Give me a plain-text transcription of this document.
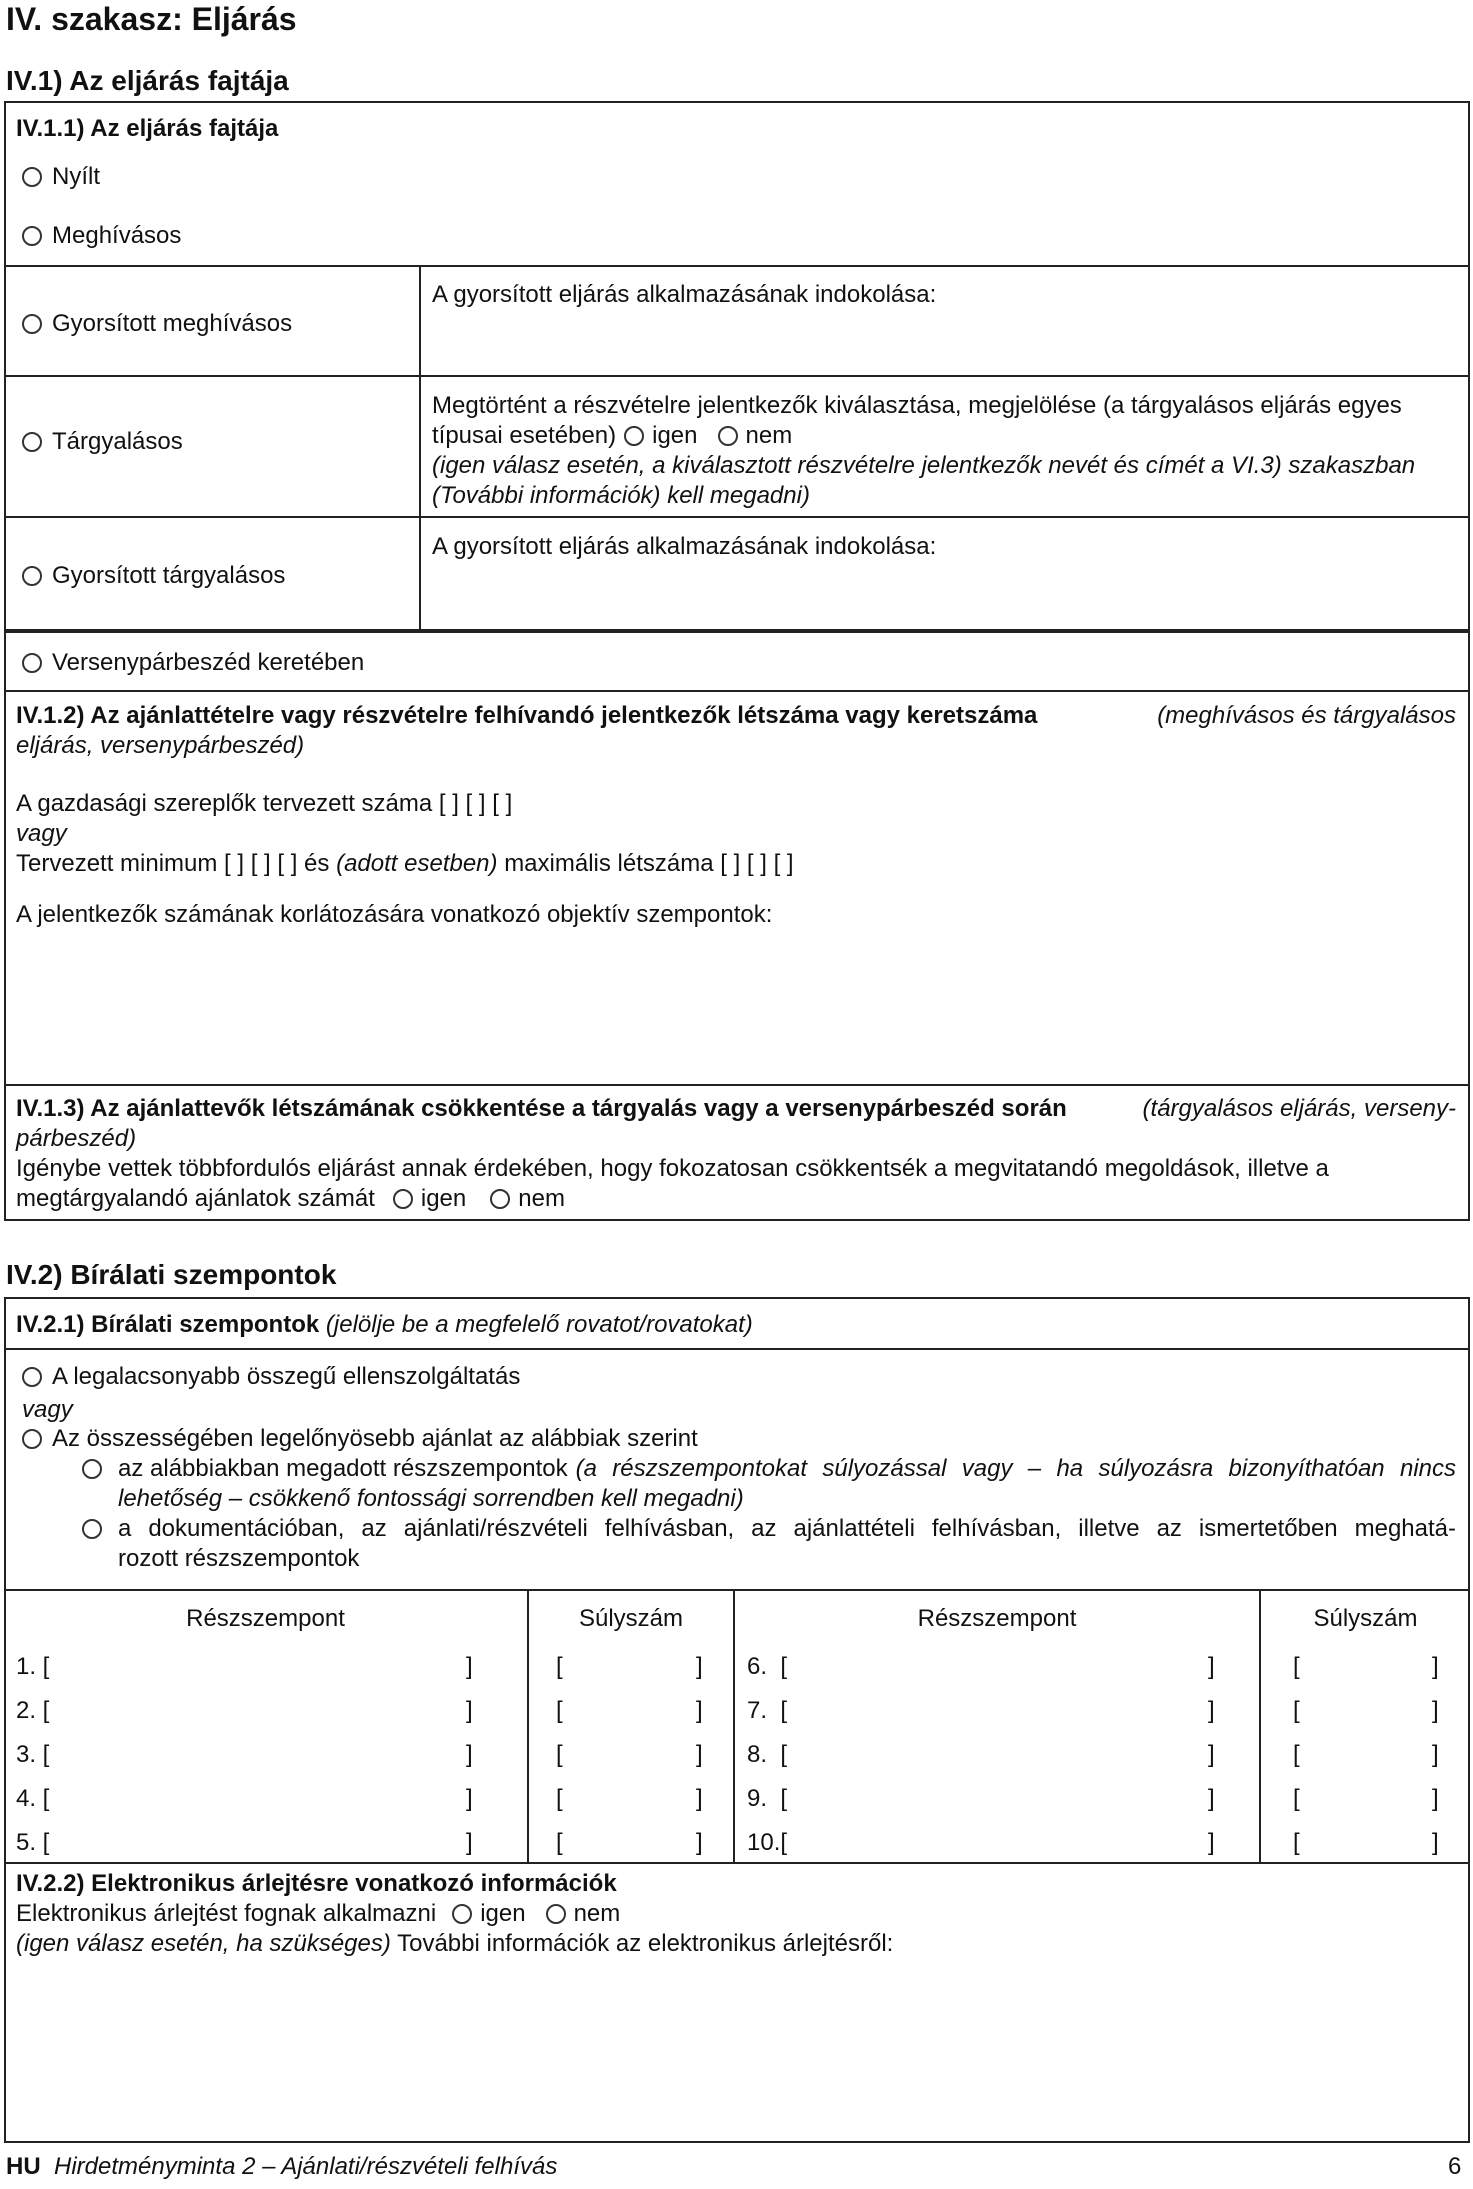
IV. szakasz: Eljárás
IV.1) Az eljárás fajtája
IV.1.1) Az eljárás fajtája
Nyílt
Meghívásos
Gyorsított meghívásos
A gyorsított eljárás alkalmazásának indokolása:
Tárgyalásos
Megtörtént a részvételre jelentkezők kiválasztása, megjelölése (a tárgyalásos eljárás egyes
típusai esetében) igen nem
(igen válasz esetén, a kiválasztott részvételre jelentkezők nevét és címét a VI.3) szakaszban
(További információk) kell megadni)
Gyorsított tárgyalásos
A gyorsított eljárás alkalmazásának indokolása:
Versenypárbeszéd keretében
IV.1.2) Az ajánlattételre vagy részvételre felhívandó jelentkezők létszáma vagy keretszáma	(meghívásos és tárgyalásos
eljárás, versenypárbeszéd)
A gazdasági szereplők tervezett száma [ ] [ ] [ ]
vagy
Tervezett minimum [ ] [ ] [ ] és (adott esetben) maximális létszáma [ ] [ ] [ ]
A jelentkezők számának korlátozására vonatkozó objektív szempontok:
IV.1.3) Az ajánlattevők létszámának csökkentése a tárgyalás vagy a versenypárbeszéd során	(tárgyalásos eljárás, verseny-
párbeszéd)
Igénybe vettek többfordulós eljárást annak érdekében, hogy fokozatosan csökkentsék a megvitatandó megoldások, illetve a
megtárgyalandó ajánlatok számát igen nem
IV.2) Bírálati szempontok
IV.2.1) Bírálati szempontok (jelölje be a megfelelő rovatot/rovatokat)
A legalacsonyabb összegű ellenszolgáltatás
vagy
Az összességében legelőnyösebb ajánlat az alábbiak szerint
az alábbiakban megadott részszempontok (a részszempontokat súlyozással vagy – ha súlyozásra bizonyíthatóan nincs
lehetőség – csökkenő fontossági sorrendben kell megadni)
a dokumentációban, az ajánlati/részvételi felhívásban, az ajánlattételi felhívásban, illetve az ismertetőben meghatá-
rozott részszempontok
Részszempont	Súlyszám	Részszempont	Súlyszám
1. [	]	[	] 6.  [	]	[	]
2. [	]	[	] 7.  [	]	[	]
3. [	]	[	] 8.  [	]	[	]
4. [	]	[	] 9.  [	]	[	]
5. [	]	[	] 10.[	]	[	]
IV.2.2) Elektronikus árlejtésre vonatkozó információk
Elektronikus árlejtést fognak alkalmazni igen nem
(igen válasz esetén, ha szükséges) További információk az elektronikus árlejtésről:
HU Hirdetményminta 2 – Ajánlati/részvételi felhívás	6
